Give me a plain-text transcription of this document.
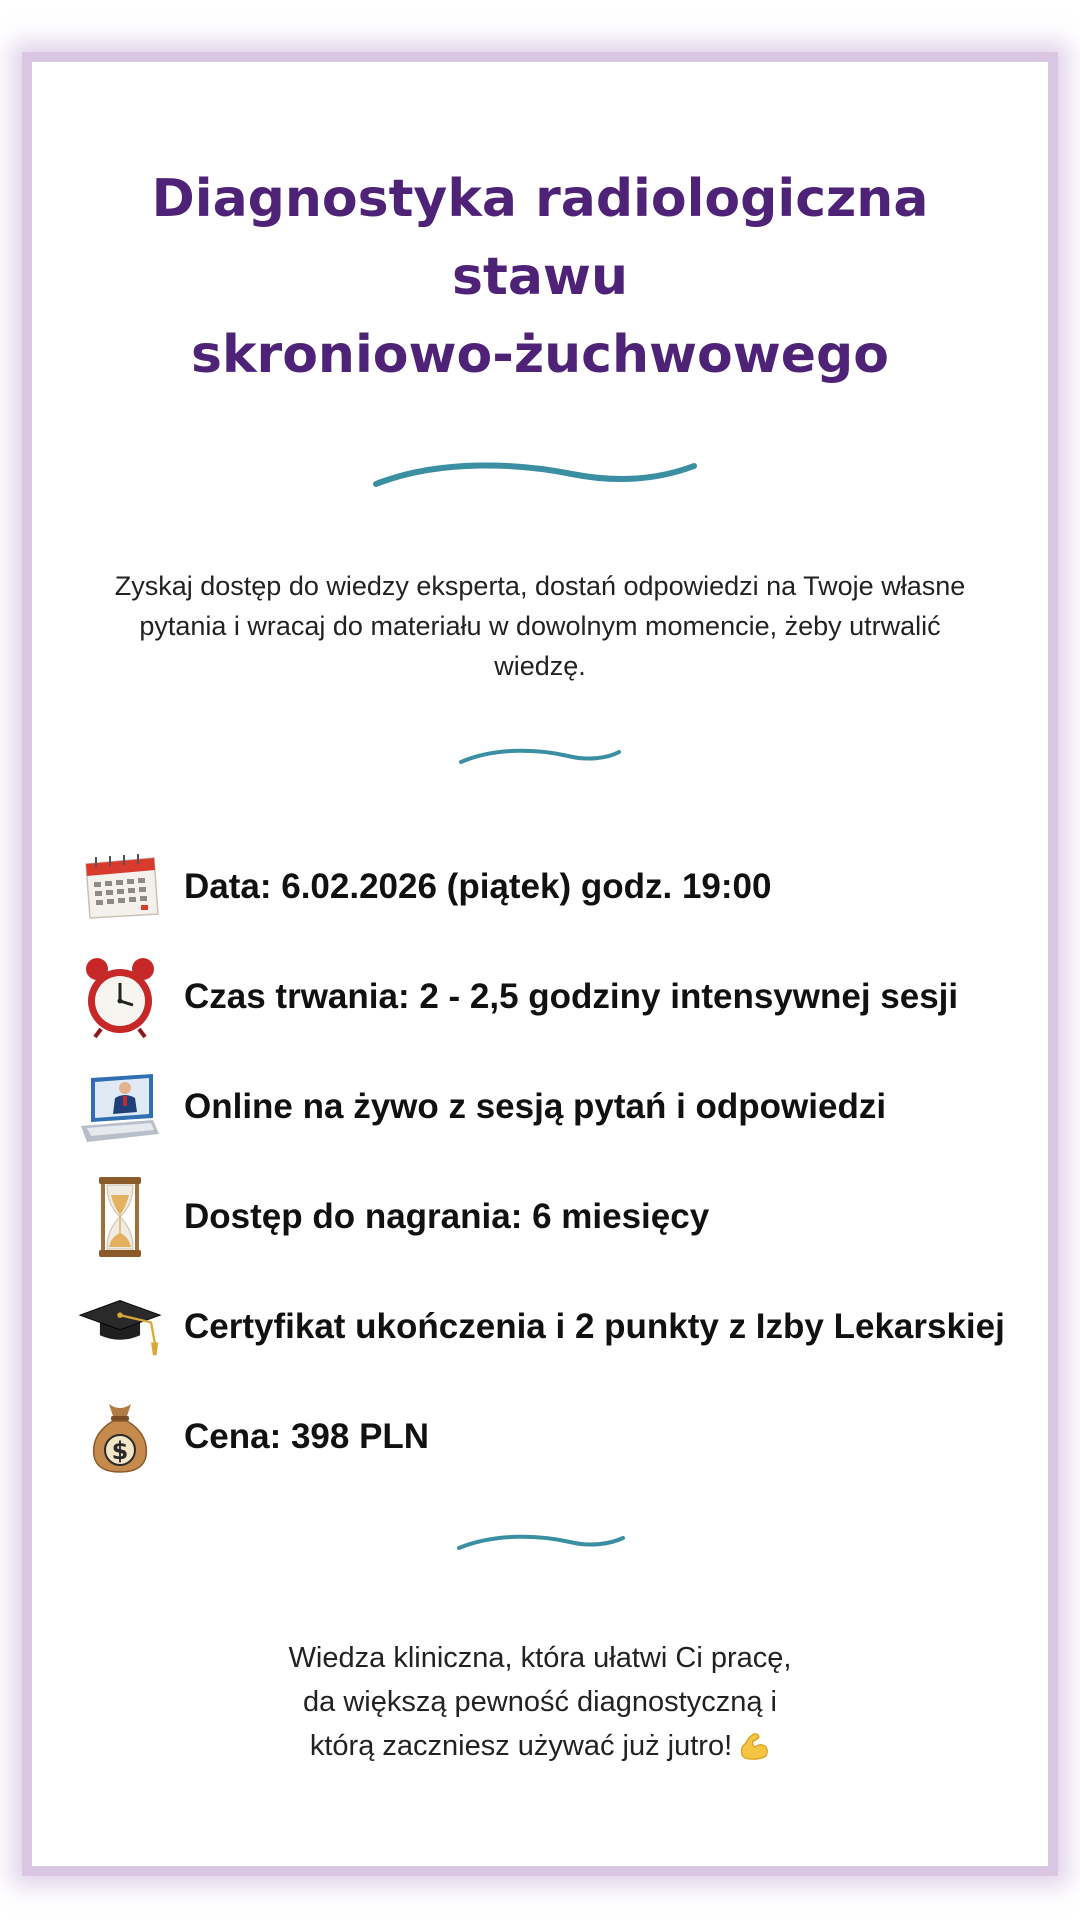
Diagnostyka radiologiczna
stawu
skroniowo-żuchwowego

Zyskaj dostęp do wiedzy eksperta, dostań odpowiedzi na Twoje własne pytania i wracaj do materiału w dowolnym momencie, żeby utrwalić wiedzę.

Data: 6.02.2026 (piątek) godz. 19:00
Czas trwania: 2 - 2,5 godziny intensywnej sesji
Online na żywo z sesją pytań i odpowiedzi
Dostęp do nagrania: 6 miesięcy
Certyfikat ukończenia i 2 punkty z Izby Lekarskiej
$ Cena: 398 PLN

Wiedza kliniczna, która ułatwi Ci pracę,
da większą pewność diagnostyczną i
którą zaczniesz używać już jutro!
